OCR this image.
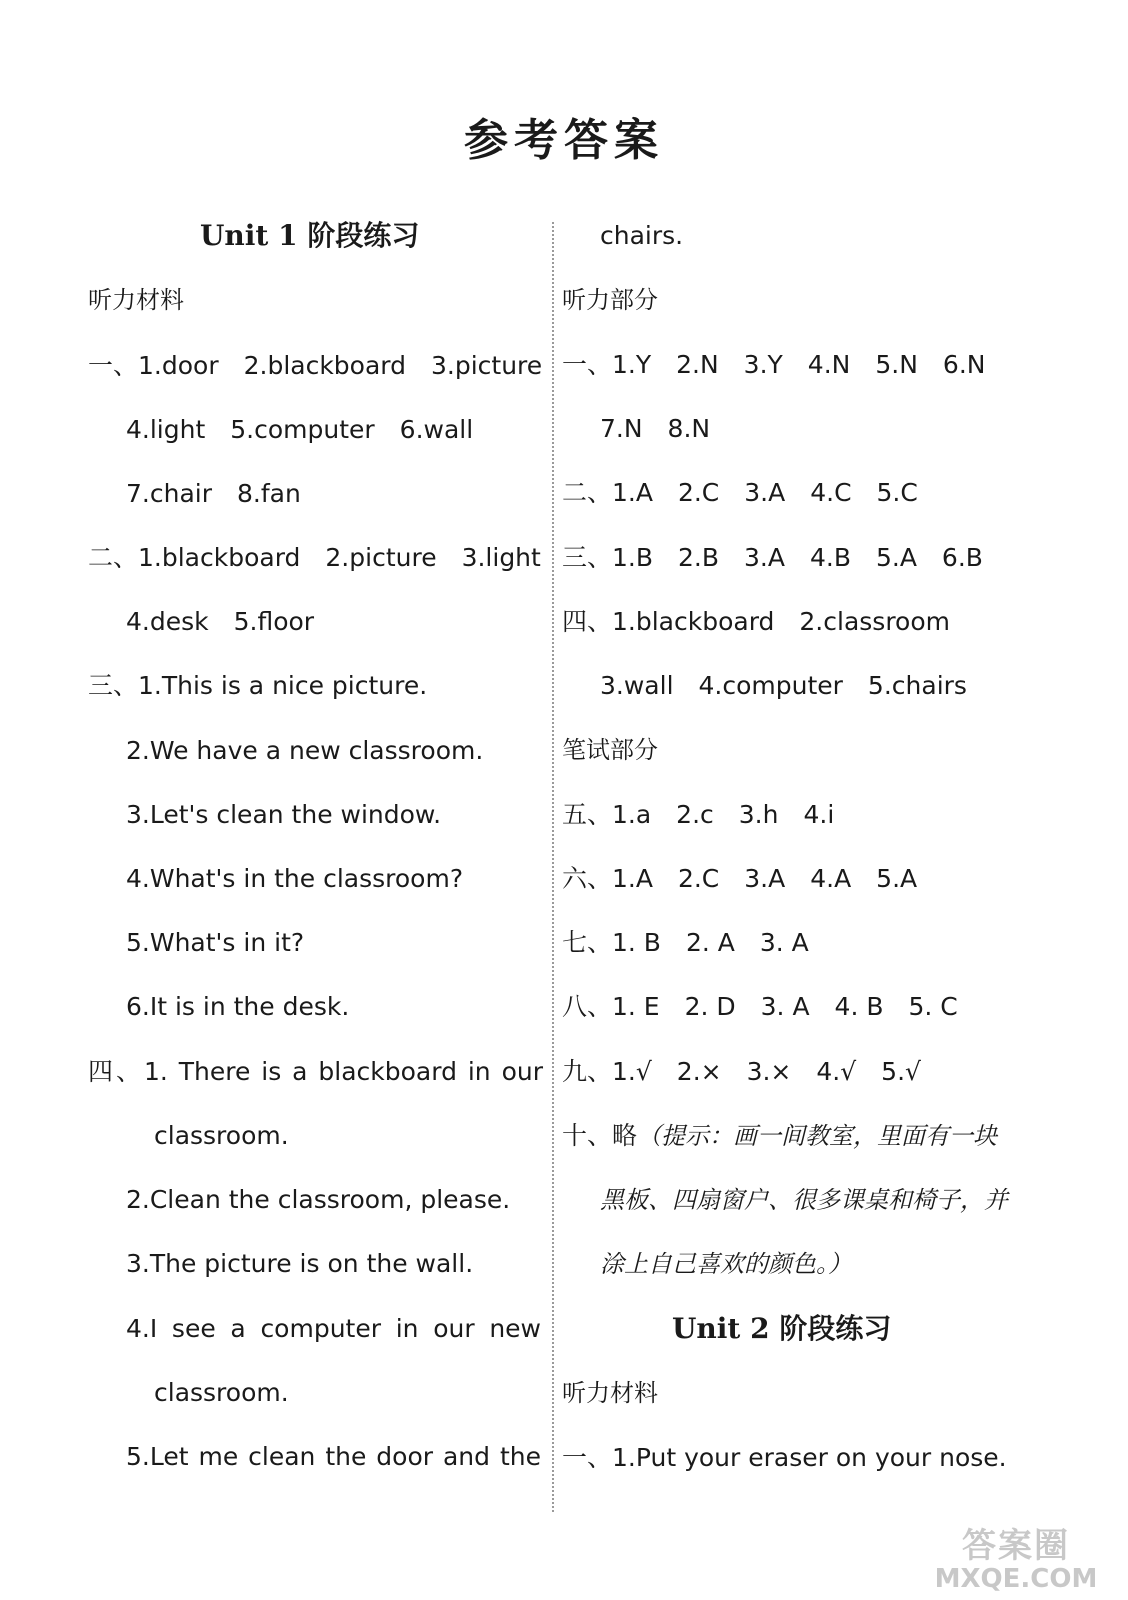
参考答案
Unit 1 阶段练习
听力材料
一、1.door　2.blackboard　3.picture
4.light　5.computer　6.wall
7.chair　8.fan
二、1.blackboard　2.picture　3.light
4.desk　5.floor
三、1.This is a nice picture.
2.We have a new classroom.
3.Let's clean the window.
4.What's in the classroom?
5.What's in it?
6.It is in the desk.
四、1. There is a blackboard in our
classroom.
2.Clean the classroom, please.
3.The picture is on the wall.
4.I see a computer in our new
classroom.
5.Let me clean the door and the
chairs.
听力部分
一、1.Y　2.N　3.Y　4.N　5.N　6.N
7.N　8.N
二、1.A　2.C　3.A　4.C　5.C
三、1.B　2.B　3.A　4.B　5.A　6.B
四、1.blackboard　2.classroom
3.wall　4.computer　5.chairs
笔试部分
五、1.a　2.c　3.h　4.i
六、1.A　2.C　3.A　4.A　5.A
七、1. B　2. A　3. A
八、1. E　2. D　3. A　4. B　5. C
九、1.√　2.×　3.×　4.√　5.√
十、略（提示：画一间教室，里面有一块
黑板、四扇窗户、很多课桌和椅子，并
涂上自己喜欢的颜色。）
Unit 2 阶段练习
听力材料
一、1.Put your eraser on your nose.
答案圈
MXQE.COM
